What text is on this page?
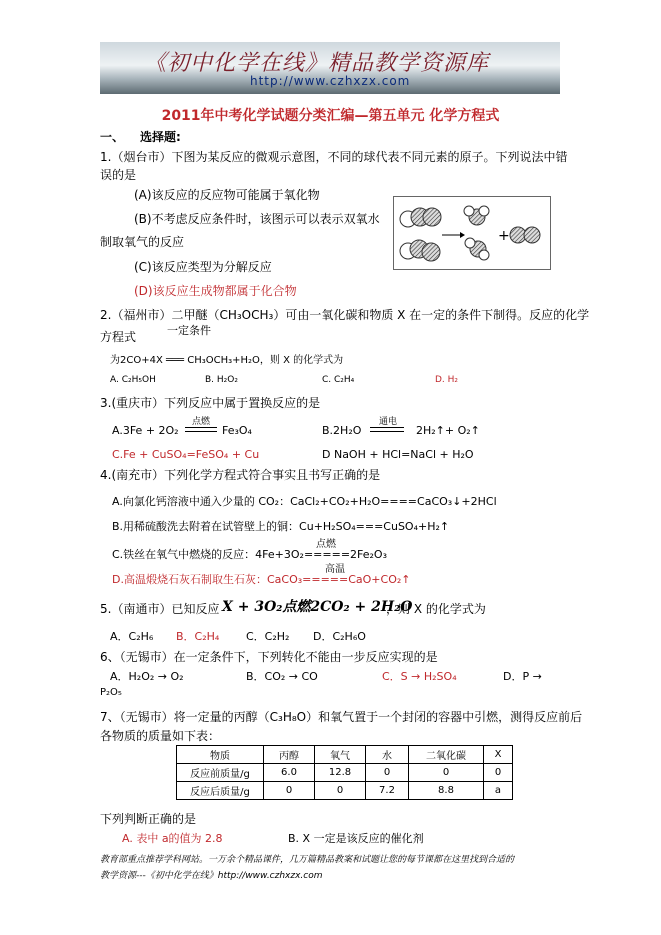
《初中化学在线》精品教学资源库
http://www.czhxzx.com
2011年中考化学试题分类汇编—第五单元 化学方程式
一、 选择题:
1.（烟台市）下图为某反应的微观示意图，不同的球代表不同元素的原子。下列说法中错
误的是
(A)该反应的反应物可能属于氧化物
(B)不考虑反应条件时，该图示可以表示双氧水
制取氧气的反应
(C)该反应类型为分解反应
(D)该反应生成物都属于化合物
+
2.（福州市）二甲醚（CH₃OCH₃）可由一氧化碳和物质 X 在一定的条件下制得。反应的化学
方程式	一定条件
为2CO+4X ═══ CH₃OCH₃+H₂O，则 X 的化学式为
A. C₂H₅OH	B. H₂O₂	C. C₂H₄	D. H₂
3.(重庆市）下列反应中属于置换反应的是
A.3Fe + 2O₂
点燃
Fe₃O₄	B.2H₂O
通电
2H₂↑+ O₂↑
C.Fe + CuSO₄=FeSO₄ + Cu	D NaOH + HCl=NaCl + H₂O
4.(南充市）下列化学方程式符合事实且书写正确的是
A.向氯化钙溶液中通入少量的 CO₂：CaCl₂+CO₂+H₂O====CaCO₃↓+2HCl
B.用稀硫酸洗去附着在试管壁上的铜：Cu+H₂SO₄===CuSO₄+H₂↑
点燃
C.铁丝在氧气中燃烧的反应：4Fe+3O₂=====2Fe₂O₃
高温
D.高温煅烧石灰石制取生石灰：CaCO₃=====CaO+CO₂↑
5.（南通市）已知反应 X + 3O₂点燃2CO₂ + 2H₂O
，则 X 的化学式为
A．C₂H₆ B．C₂H₄ C．C₂H₂ D．C₂H₆O
6、（无锡市）在一定条件下，下列转化不能由一步反应实现的是
A．H₂O₂ → O₂	B．CO₂ → CO	C．S → H₂SO₄	D．P →
P₂O₅
7、（无锡市）将一定量的丙醇（C₃H₈O）和氧气置于一个封闭的容器中引燃，测得反应前后
各物质的质量如下表：
物质	丙醇	氧气	水	二氧化碳	X
反应前质量/g	6.0	12.8	0	0	0
反应后质量/g	0	0	7.2	8.8	a
下列判断正确的是
A. 表中 a的值为 2.8	B. X 一定是该反应的催化剂
教育部重点推荐学科网站。一万余个精品课件，几万篇精品教案和试题让您的每节课都在这里找到合适的
教学资源---《初中化学在线》http://www.czhxzx.com
